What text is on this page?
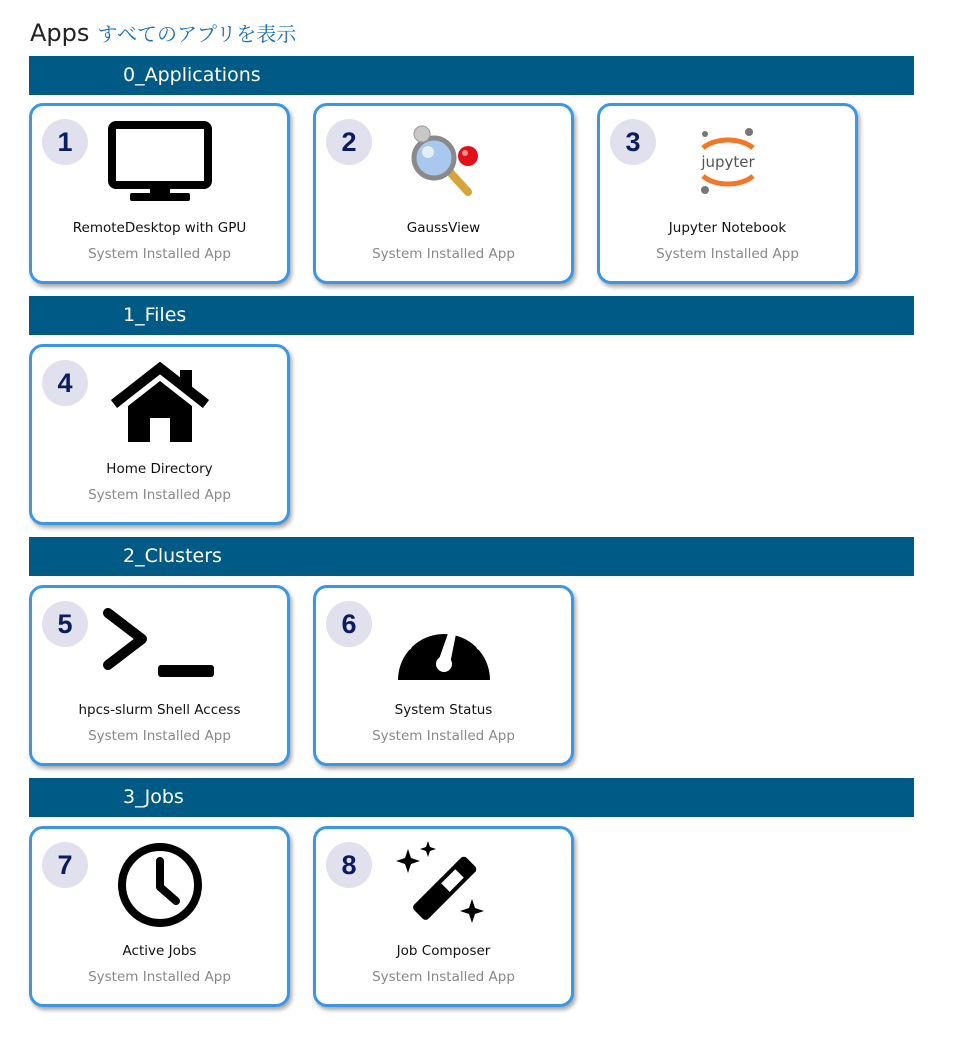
Apps すべてのアプリを表示
0_Applications
1
RemoteDesktop with GPU
System Installed App
2
GaussView
System Installed App
3
jupyter
Jupyter Notebook
System Installed App
1_Files
4
Home Directory
System Installed App
2_Clusters
5
hpcs-slurm Shell Access
System Installed App
6
System Status
System Installed App
3_Jobs
7
Active Jobs
System Installed App
8
Job Composer
System Installed App
